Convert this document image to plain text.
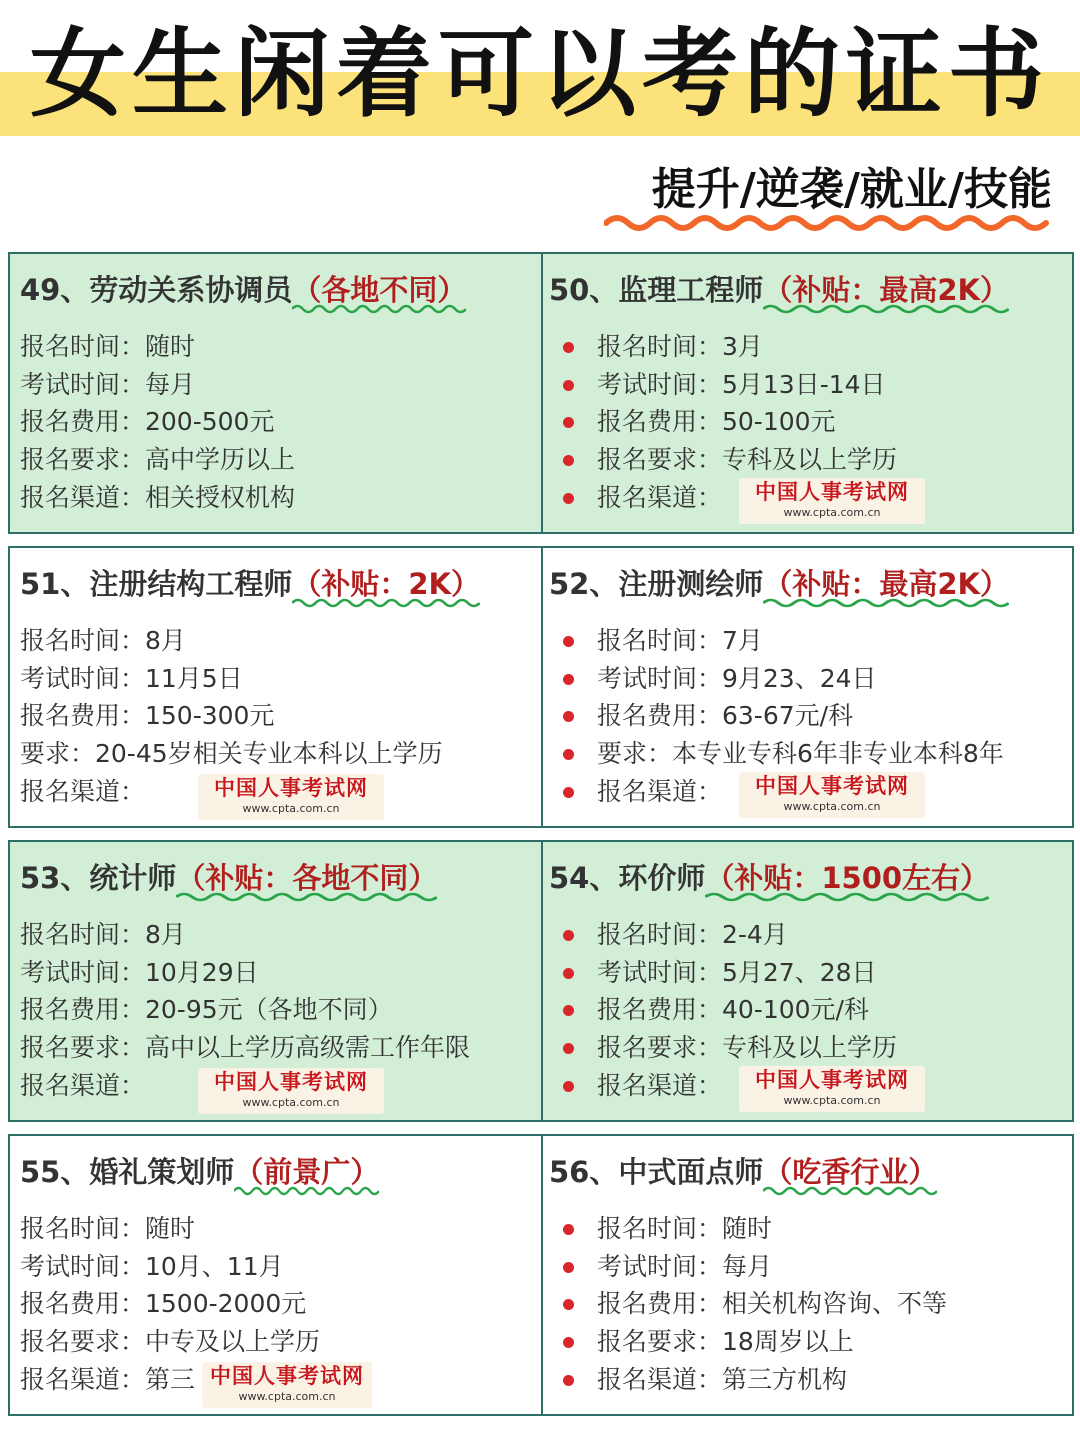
女生闲着可以考的证书
提升/逆袭/就业/技能
49、劳动关系协调员（各地不同）
报名时间：随时
考试时间：每月
报名费用：200-500元
报名要求：高中学历以上
报名渠道：相关授权机构
50、监理工程师（补贴：最高2K）
报名时间：3月
考试时间：5月13日-14日
报名费用：50-100元
报名要求：专科及以上学历
报名渠道：	中国人事考试网
www.cpta.com.cn
51、注册结构工程师（补贴：2K）
报名时间：8月
考试时间：11月5日
报名费用：150-300元
要求：20-45岁相关专业本科以上学历
报名渠道：	中国人事考试网
www.cpta.com.cn
52、注册测绘师（补贴：最高2K）
报名时间：7月
考试时间：9月23、24日
报名费用：63-67元/科
要求：本专业专科6年非专业本科8年
报名渠道：	中国人事考试网
www.cpta.com.cn
53、统计师（补贴：各地不同）
报名时间：8月
考试时间：10月29日
报名费用：20-95元（各地不同）
报名要求：高中以上学历高级需工作年限
报名渠道：	中国人事考试网
www.cpta.com.cn
54、环价师（补贴：1500左右）
报名时间：2-4月
考试时间：5月27、28日
报名费用：40-100元/科
报名要求：专科及以上学历
报名渠道：	中国人事考试网
www.cpta.com.cn
55、婚礼策划师（前景广）
报名时间：随时
考试时间：10月、11月
报名费用：1500-2000元
报名要求：中专及以上学历
报名渠道：第三 中国人事考试网
www.cpta.com.cn
56、中式面点师（吃香行业）
报名时间：随时
考试时间：每月
报名费用：相关机构咨询、不等
报名要求：18周岁以上
报名渠道：第三方机构
